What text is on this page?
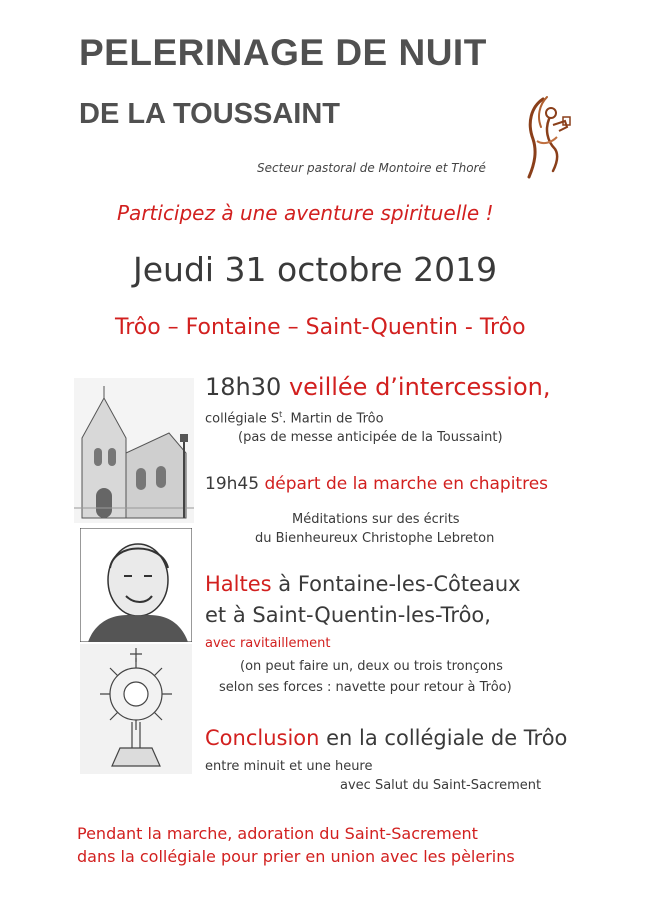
PELERINAGE DE NUIT
DE LA TOUSSAINT
Secteur pastoral de Montoire et Thoré
Participez à une aventure spirituelle !
Jeudi 31 octobre 2019
Trôo – Fontaine – Saint-Quentin - Trôo
18h30 veillée d’intercession,
collégiale $S^t$. Martin de Trôo
(pas de messe anticipée de la Toussaint)
19h45 départ de la marche en chapitres
Méditations sur des écrits
du Bienheureux Christophe Lebreton
Haltes à Fontaine-les-Côteaux
et à Saint-Quentin-les-Trôo,
avec ravitaillement
(on peut faire un, deux ou trois tronçons
selon ses forces : navette pour retour à Trôo)
Conclusion en la collégiale de Trôo
entre minuit et une heure
avec Salut du Saint-Sacrement
Pendant la marche, adoration du Saint-Sacrement
dans la collégiale pour prier en union avec les pèlerins
